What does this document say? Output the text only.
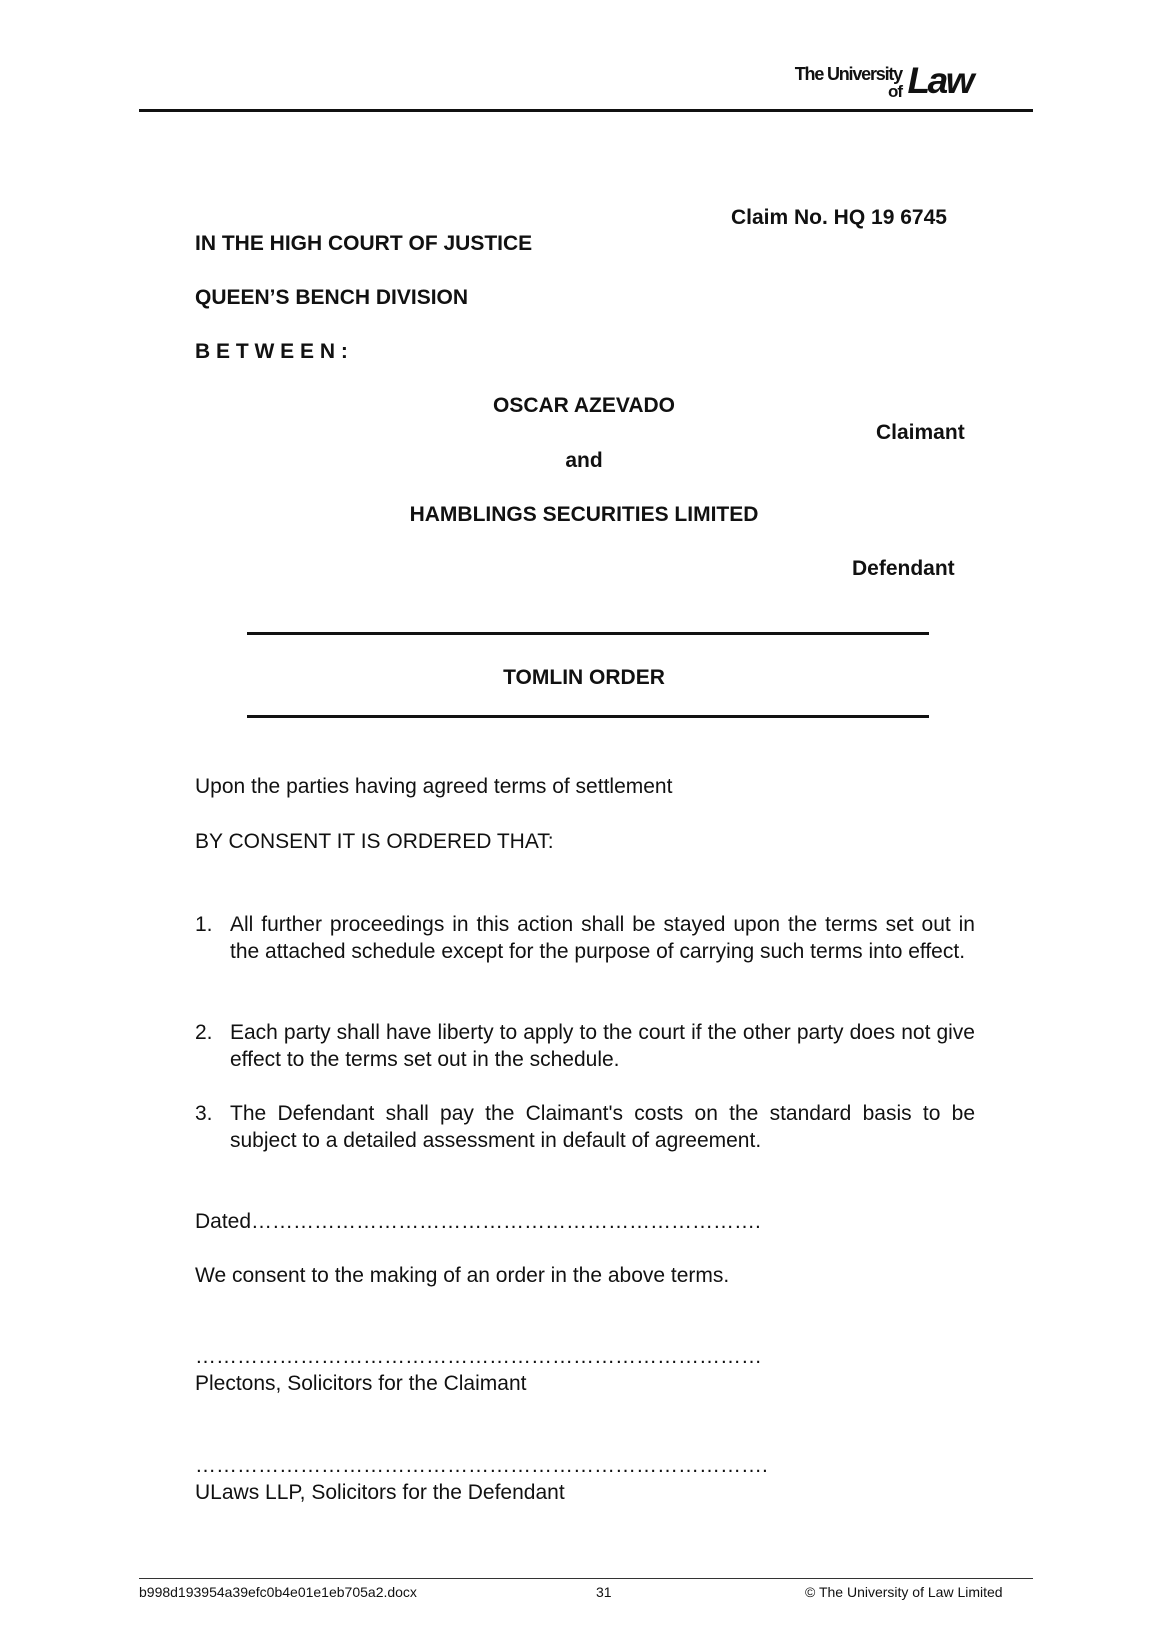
The University
of Law
Claim No. HQ 19 6745
IN THE HIGH COURT OF JUSTICE
QUEEN’S BENCH DIVISION
B E T W E E N :
OSCAR AZEVADO
Claimant
and
HAMBLINGS SECURITIES LIMITED
Defendant
TOMLIN ORDER
Upon the parties having agreed terms of settlement
BY CONSENT IT IS ORDERED THAT:
1. All further proceedings in this action shall be stayed upon the terms set out in the attached schedule except for the purpose of carrying such terms into effect.
2. Each party shall have liberty to apply to the court if the other party does not give effect to the terms set out in the schedule.
3. The Defendant shall pay the Claimant's costs on the standard basis to be subject to a detailed assessment in default of agreement.
Dated……………………………………………………………….
We consent to the making of an order in the above terms.
………………………………………………………………………
Plectons, Solicitors for the Claimant
……………………………………………………………………….
ULaws LLP, Solicitors for the Defendant
b998d193954a39efc0b4e01e1eb705a2.docx	31	© The University of Law Limited
